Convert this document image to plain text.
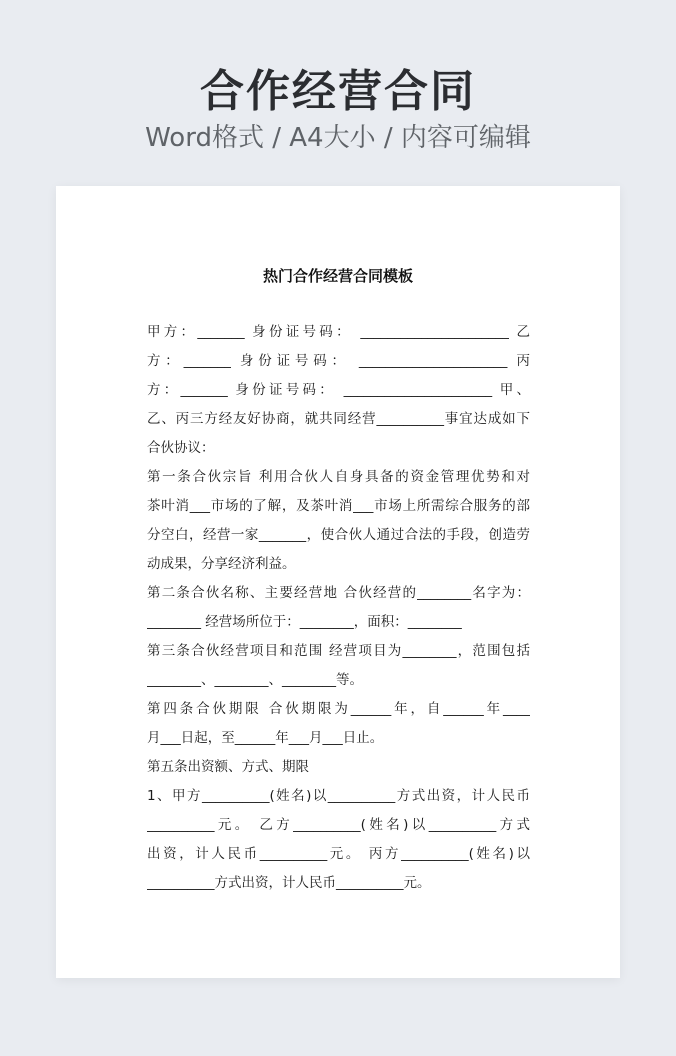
合作经营合同
Word格式 / A4大小 / 内容可编辑
热门合作经营合同模板
甲方：_______ 身份证号码： ______________________ 乙
方：_______ 身份证号码： ______________________ 丙
方：_______ 身份证号码： ______________________ 甲、
乙、丙三方经友好协商，就共同经营__________事宜达成如下
合伙协议：
第一条合伙宗旨 利用合伙人自身具备的资金管理优势和对
茶叶消___市场的了解，及茶叶消___市场上所需综合服务的部
分空白，经营一家_______，使合伙人通过合法的手段，创造劳
动成果，分享经济利益。
第二条合伙名称、主要经营地 合伙经营的________名字为：
________ 经营场所位于：________，面积：________
第三条合伙经营项目和范围 经营项目为________，范围包括
________、________、________等。
第四条合伙期限 合伙期限为______年，自______年____
月___日起，至______年___月___日止。
第五条出资额、方式、期限
1、甲方__________(姓名)以__________方式出资，计人民币
__________元。 乙方__________(姓名)以__________方式
出资，计人民币__________元。 丙方__________(姓名)以
__________方式出资，计人民币__________元。
